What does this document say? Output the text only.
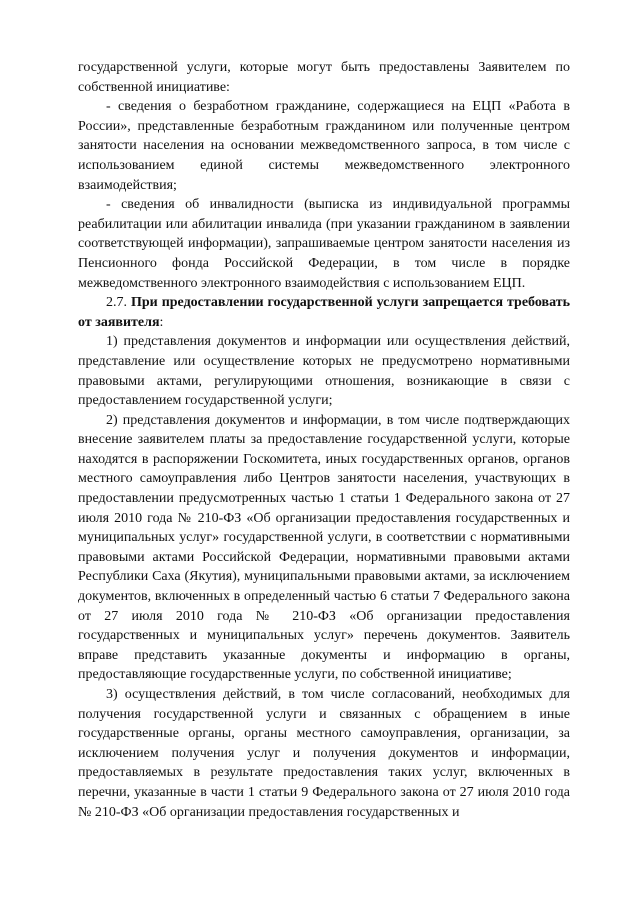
государственной услуги, которые могут быть предоставлены Заявителем по собственной инициативе:

- сведения о безработном гражданине, содержащиеся на ЕЦП «Работа в России», представленные безработным гражданином или полученные центром занятости населения на основании межведомственного запроса, в том числе с использованием единой системы межведомственного электронного взаимодействия;

- сведения об инвалидности (выписка из индивидуальной программы реабилитации или абилитации инвалида (при указании гражданином в заявлении соответствующей информации), запрашиваемые центром занятости населения из Пенсионного фонда Российской Федерации, в том числе в порядке межведомственного электронного взаимодействия с использованием ЕЦП.

2.7. При предоставлении государственной услуги запрещается требовать от заявителя:

1) представления документов и информации или осуществления действий, представление или осуществление которых не предусмотрено нормативными правовыми актами, регулирующими отношения, возникающие в связи с предоставлением государственной услуги;

2) представления документов и информации, в том числе подтверждающих внесение заявителем платы за предоставление государственной услуги, которые находятся в распоряжении Госкомитета, иных государственных органов, органов местного самоуправления либо Центров занятости населения, участвующих в предоставлении предусмотренных частью 1 статьи 1 Федерального закона от 27 июля 2010 года № 210-ФЗ «Об организации предоставления государственных и муниципальных услуг» государственной услуги, в соответствии с нормативными правовыми актами Российской Федерации, нормативными правовыми актами Республики Саха (Якутия), муниципальными правовыми актами, за исключением документов, включенных в определенный частью 6 статьи 7 Федерального закона от 27 июля 2010 года № 210-ФЗ «Об организации предоставления государственных и муниципальных услуг» перечень документов. Заявитель вправе представить указанные документы и информацию в органы, предоставляющие государственные услуги, по собственной инициативе;

3) осуществления действий, в том числе согласований, необходимых для получения государственной услуги и связанных с обращением в иные государственные органы, органы местного самоуправления, организации, за исключением получения услуг и получения документов и информации, предоставляемых в результате предоставления таких услуг, включенных в перечни, указанные в части 1 статьи 9 Федерального закона от 27 июля 2010 года № 210-ФЗ «Об организации предоставления государственных и
